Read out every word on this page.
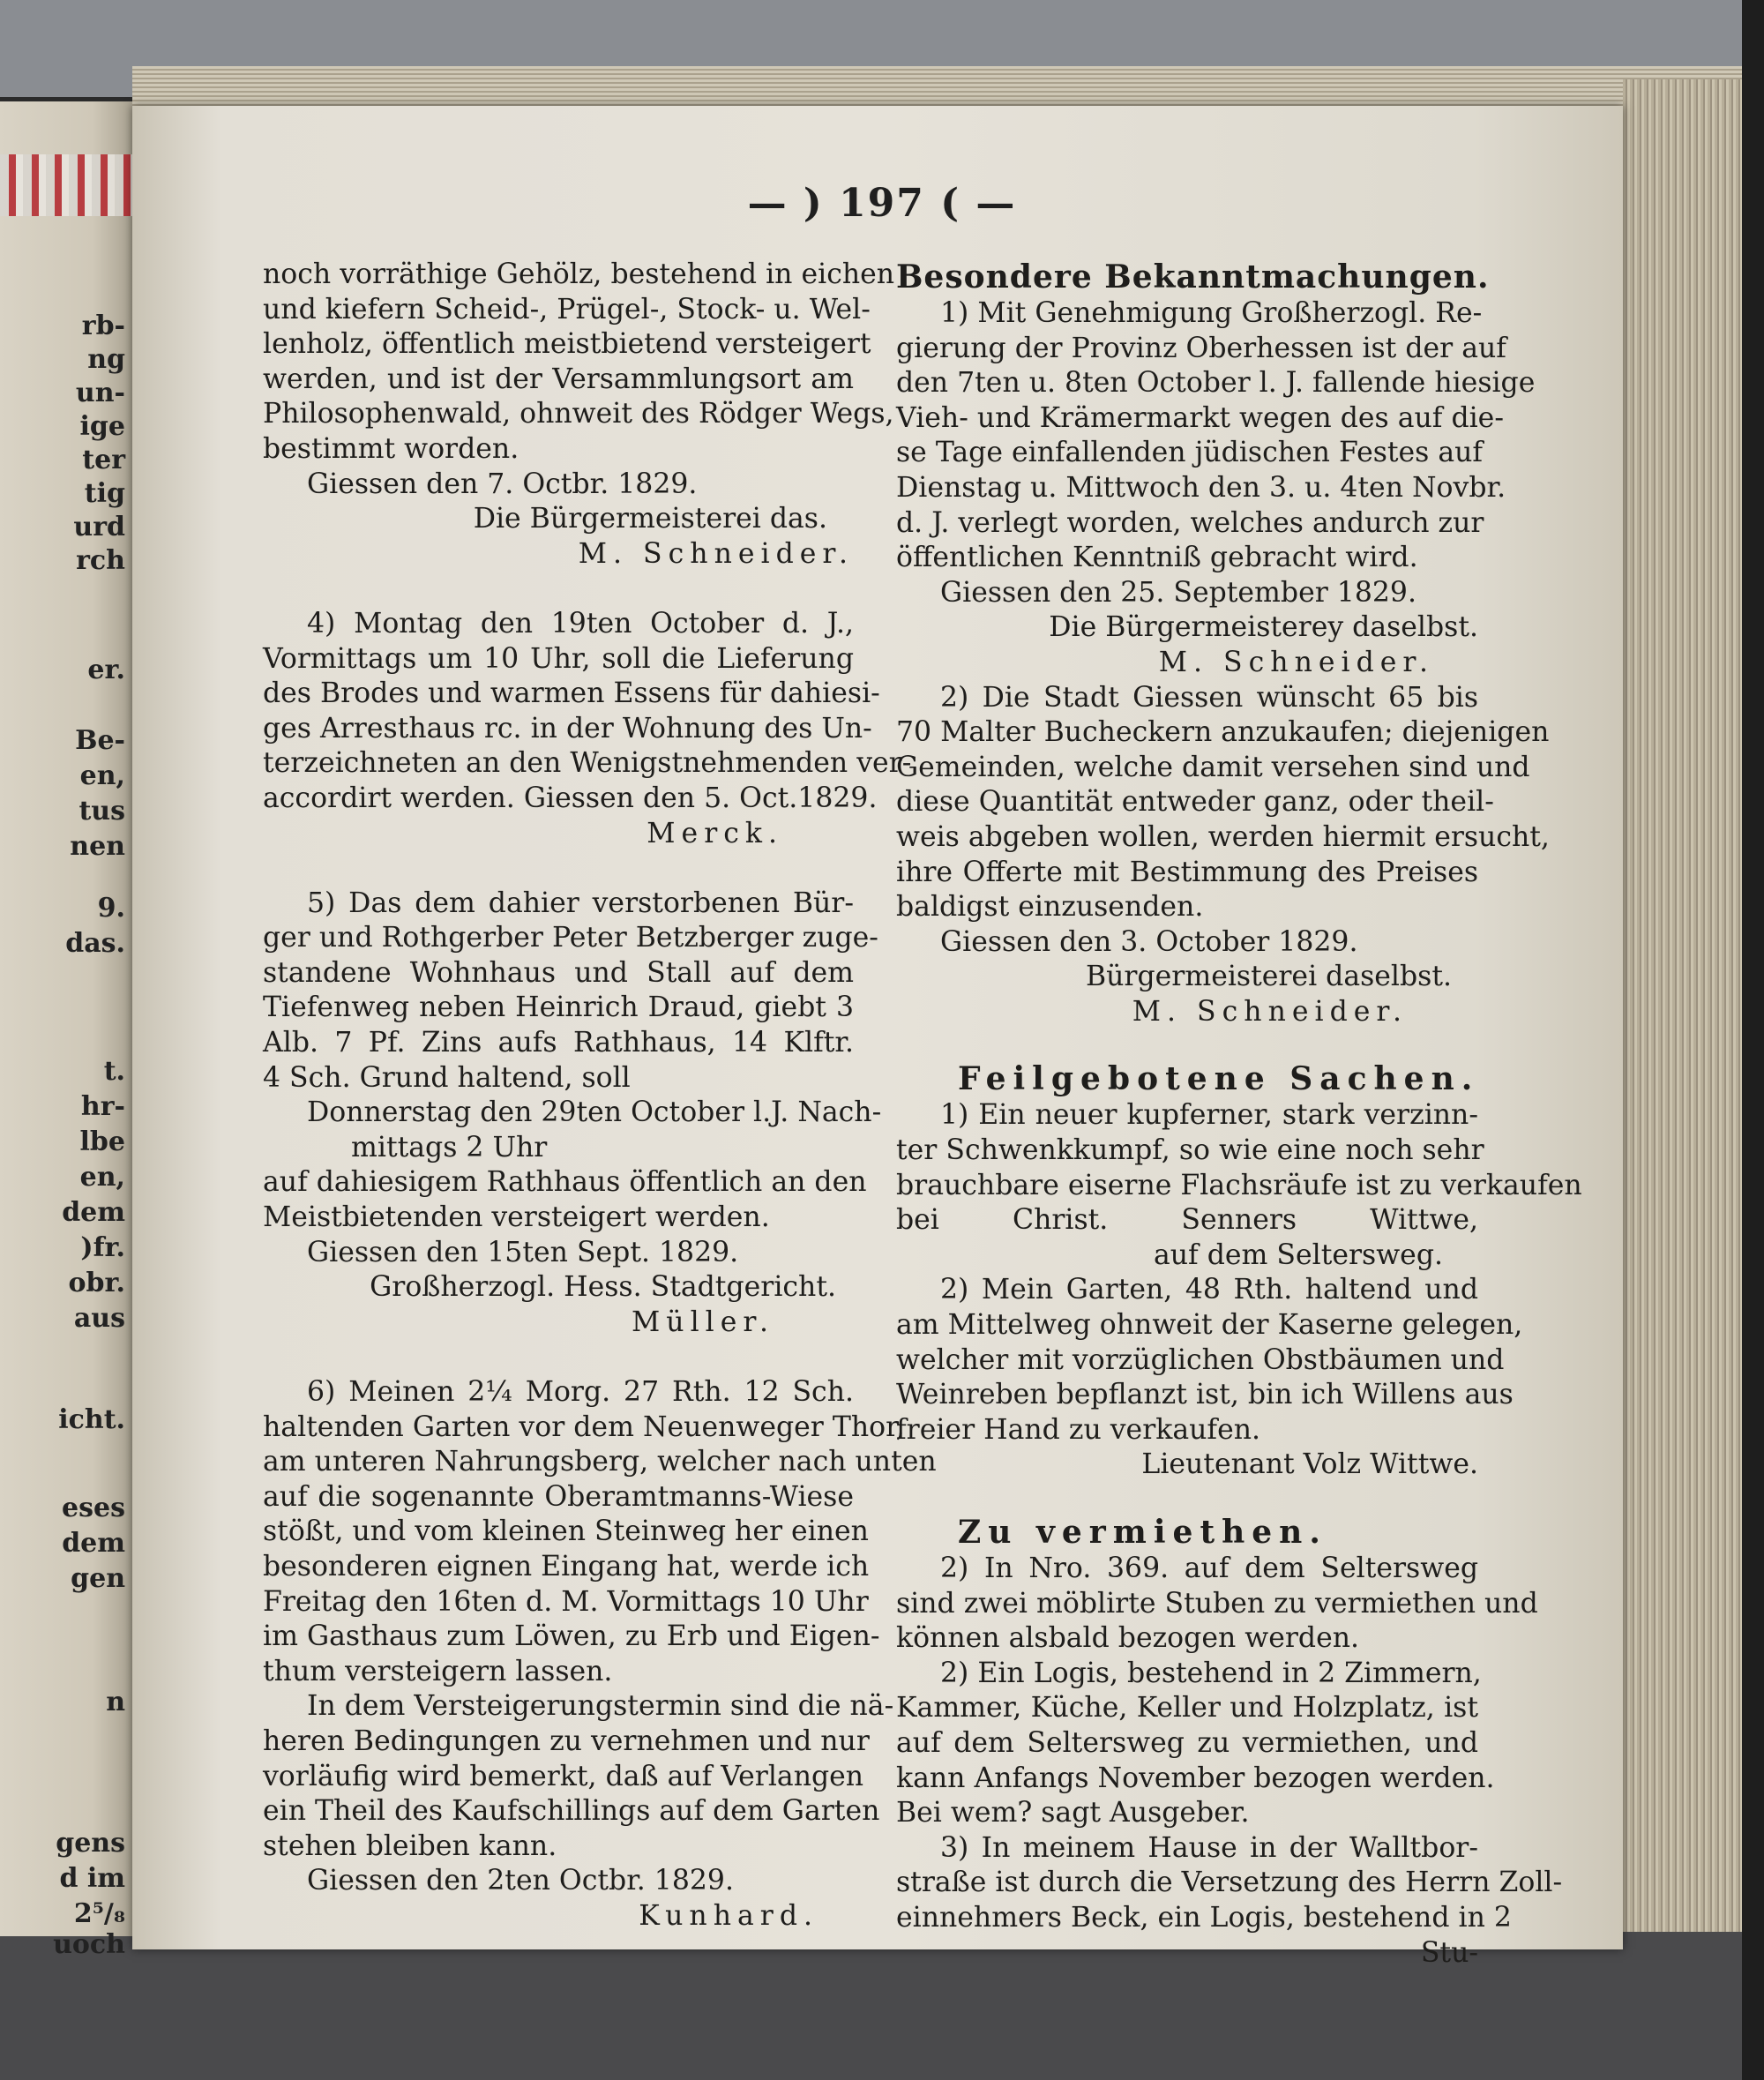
rb-
ng
un-
ige
ter
tig
urd
rch
er.
Be-
en,
tus
nen
9.
das.
t.
hr-
lbe
en,
dem
)fr.
obr.
aus
icht.
eses
dem
gen
n
gens
d im
2⁵/₈
uoch
— ) 197 ( —
noch vorräthige Gehölz, bestehend in eichen
und kiefern Scheid-, Prügel-, Stock- u. Wel-
lenholz, öffentlich meistbietend versteigert
werden, und ist der Versammlungsort am
Philosophenwald, ohnweit des Rödger Wegs,
bestimmt worden.
Giessen den 7. Octbr. 1829.
Die Bürgermeisterei das.
M. Schneider.
4) Montag den 19ten October d. J.,
Vormittags um 10 Uhr, soll die Lieferung
des Brodes und warmen Essens für dahiesi-
ges Arresthaus rc. in der Wohnung des Un-
terzeichneten an den Wenigstnehmenden ver-
accordirt werden. Giessen den 5. Oct.1829.
Merck.
5) Das dem dahier verstorbenen Bür-
ger und Rothgerber Peter Betzberger zuge-
standene Wohnhaus und Stall auf dem
Tiefenweg neben Heinrich Draud, giebt 3
Alb. 7 Pf. Zins aufs Rathhaus, 14 Klftr.
4 Sch. Grund haltend, soll
Donnerstag den 29ten October l.J. Nach-
mittags 2 Uhr
auf dahiesigem Rathhaus öffentlich an den
Meistbietenden versteigert werden.
Giessen den 15ten Sept. 1829.
Großherzogl. Hess. Stadtgericht.
Müller.
6) Meinen 2¼ Morg. 27 Rth. 12 Sch.
haltenden Garten vor dem Neuenweger Thor,
am unteren Nahrungsberg, welcher nach unten
auf die sogenannte Oberamtmanns-Wiese
stößt, und vom kleinen Steinweg her einen
besonderen eignen Eingang hat, werde ich
Freitag den 16ten d. M. Vormittags 10 Uhr
im Gasthaus zum Löwen, zu Erb und Eigen-
thum versteigern lassen.
In dem Versteigerungstermin sind die nä-
heren Bedingungen zu vernehmen und nur
vorläufig wird bemerkt, daß auf Verlangen
ein Theil des Kaufschillings auf dem Garten
stehen bleiben kann.
Giessen den 2ten Octbr. 1829.
Kunhard.
Besondere Bekanntmachungen.
1) Mit Genehmigung Großherzogl. Re-
gierung der Provinz Oberhessen ist der auf
den 7ten u. 8ten October l. J. fallende hiesige
Vieh- und Krämermarkt wegen des auf die-
se Tage einfallenden jüdischen Festes auf
Dienstag u. Mittwoch den 3. u. 4ten Novbr.
d. J. verlegt worden, welches andurch zur
öffentlichen Kenntniß gebracht wird.
Giessen den 25. September 1829.
Die Bürgermeisterey daselbst.
M. Schneider.
2) Die Stadt Giessen wünscht 65 bis
70 Malter Bucheckern anzukaufen; diejenigen
Gemeinden, welche damit versehen sind und
diese Quantität entweder ganz, oder theil-
weis abgeben wollen, werden hiermit ersucht,
ihre Offerte mit Bestimmung des Preises
baldigst einzusenden.
Giessen den 3. October 1829.
Bürgermeisterei daselbst.
M. Schneider.
Feilgebotene Sachen.
1) Ein neuer kupferner, stark verzinn-
ter Schwenkkumpf, so wie eine noch sehr
brauchbare eiserne Flachsräufe ist zu verkaufen
bei Christ. Senners Wittwe,
auf dem Seltersweg.
2) Mein Garten, 48 Rth. haltend und
am Mittelweg ohnweit der Kaserne gelegen,
welcher mit vorzüglichen Obstbäumen und
Weinreben bepflanzt ist, bin ich Willens aus
freier Hand zu verkaufen.
Lieutenant Volz Wittwe.
Zu vermiethen.
2) In Nro. 369. auf dem Seltersweg
sind zwei möblirte Stuben zu vermiethen und
können alsbald bezogen werden.
2) Ein Logis, bestehend in 2 Zimmern,
Kammer, Küche, Keller und Holzplatz, ist
auf dem Seltersweg zu vermiethen, und
kann Anfangs November bezogen werden.
Bei wem? sagt Ausgeber.
3) In meinem Hause in der Walltbor-
straße ist durch die Versetzung des Herrn Zoll-
einnehmers Beck, ein Logis, bestehend in 2
Stu-
